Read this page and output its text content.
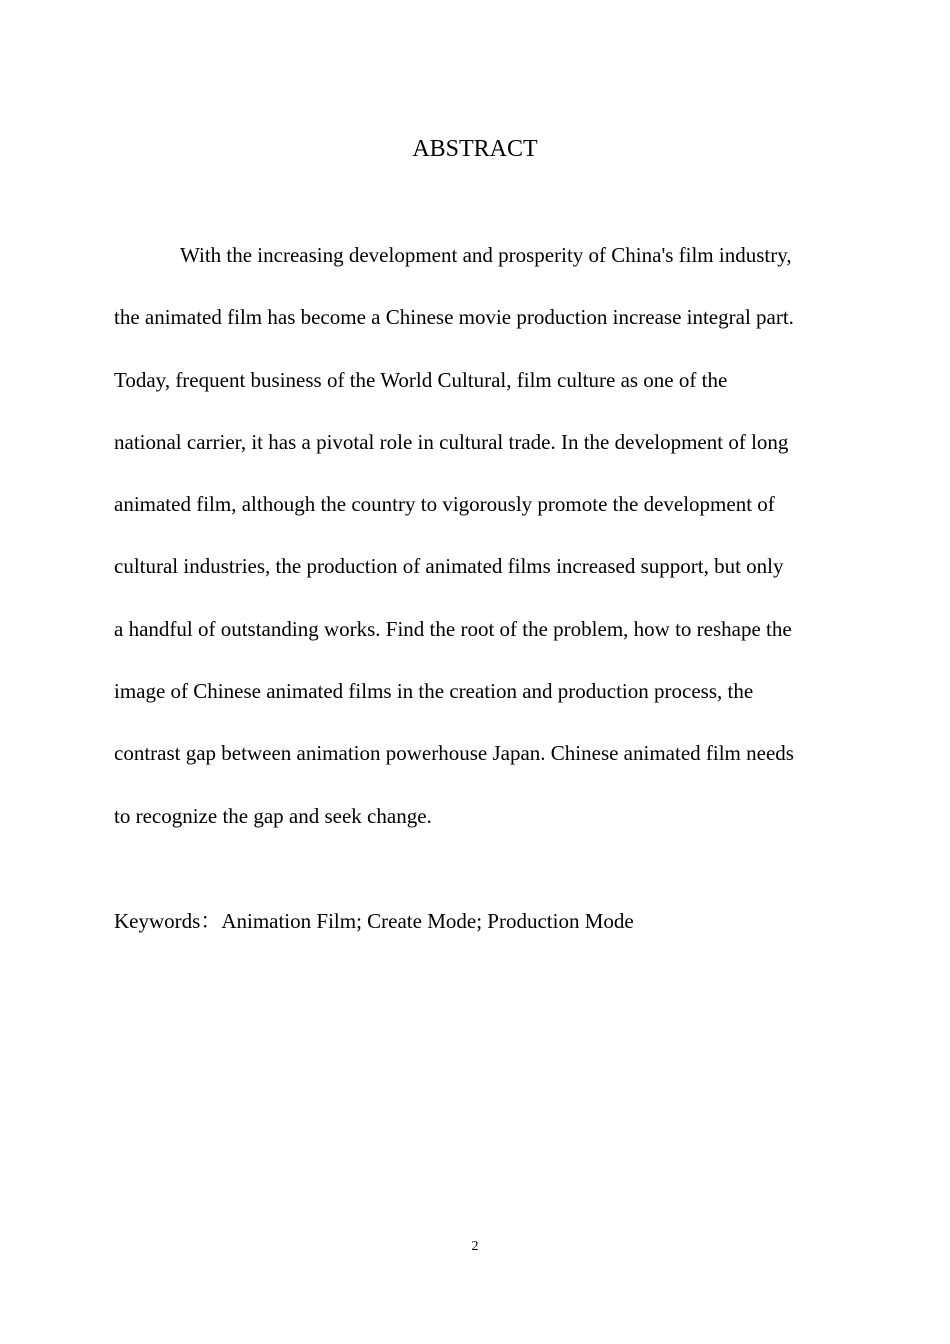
ABSTRACT
With the increasing development and prosperity of China's film industry,
the animated film has become a Chinese movie production increase integral part.
Today, frequent business of the World Cultural, film culture as one of the
national carrier, it has a pivotal role in cultural trade. In the development of long
animated film, although the country to vigorously promote the development of
cultural industries, the production of animated films increased support, but only
a handful of outstanding works. Find the root of the problem, how to reshape the
image of Chinese animated films in the creation and production process, the
contrast gap between animation powerhouse Japan. Chinese animated film needs
to recognize the gap and seek change.
Keywords：Animation Film; Create Mode; Production Mode
2
